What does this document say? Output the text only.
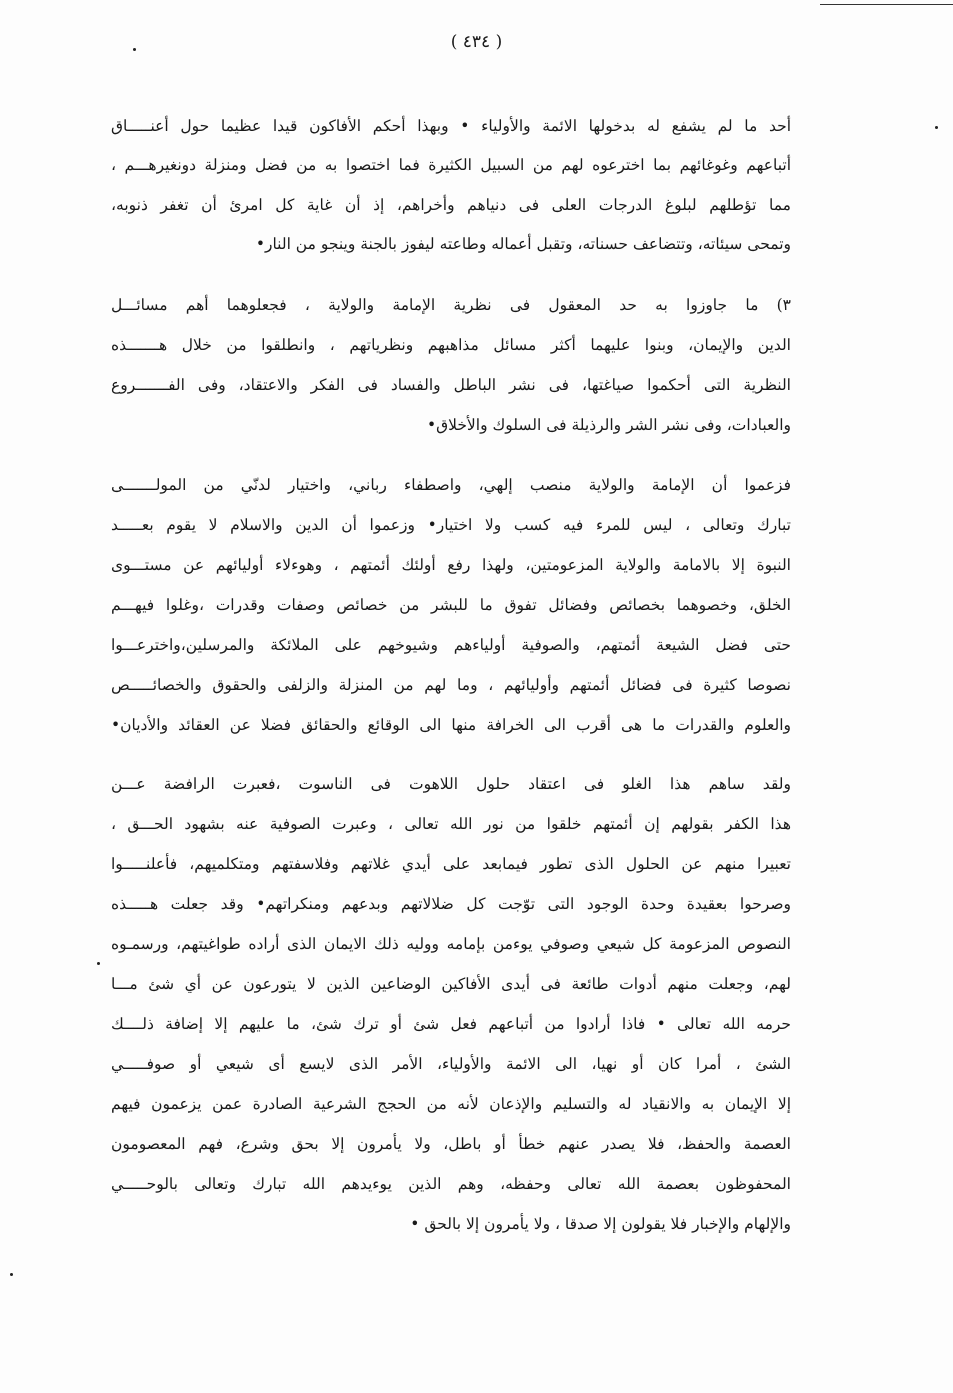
( ٤٣٤ )
أحد ما لم يشفع له بدخولها الائمة والأولياء • وبهذا أحكم الأفاكون قيدا عظيما حول أعنـــــاق
أتباعهم وغوغائهم بما اخترعوه لهم من السبيل الكثيرة فما اختصوا به من فضل ومنزلة دونغيرهـــم ،
مما تؤطلهم لبلوغ الدرجات العلى فى دنياهم وأخراهم، إذ أن غاية كل امرئ أن تغفر ذنوبه،
وتمحى سيئاته، وتتضاعف حسناته، وتقبل أعماله وطاعته ليفوز بالجنة وينجو من النار•
٣) ما جاوزوا به حد المعقول فى نظرية الإمامة والولاية ، فجعلوهما أهم مسائـــل
الدين والإيمان، وبنوا عليهما أكثر مسائل مذاهبهم ونظرياتهم ، وانطلقوا من خلال هـــــــذه
النظرية التى أحكموا صياغتها، فى نشر الباطل والفساد فى الفكر والاعتقاد، وفى الفـــــــروع
والعبادات، وفى نشر الشر والرذيلة فى السلوك والأخلاق•
فزعموا أن الإمامة والولاية منصب إلهي، واصطفاء رباني، واختيار لدنّي من المولـــــــى
تبارك وتعالى ، ليس للمرء فيه كسب ولا اختيار• وزعموا أن الدين والاسلام لا يقوم بعـــــد
النبوة إلا بالامامة والولاية المزعومتين، ولهذا رفع أولئك أئمتهم ، وهوءلاء أوليائهم عن مستـــوى
الخلق، وخصوهما بخصائص وفضائل تفوق ما للبشر من خصائص وصفات وقدرات ،وغلوا فيهـــم
حتى فضل الشيعة أئمتهم، والصوفية أولياءهم وشيوخهم على الملائكة والمرسلين،واخترعـــوا
نصوصا كثيرة فى فضائل أئمتهم وأوليائهم ، وما لهم من المنزلة والزلفى والحقوق والخصائـــــص
والعلوم والقدرات ما هى أقرب الى الخرافة منها الى الوقائع والحقائق فضلا عن العقائد والأديان•
ولقد ساهم هذا الغلو فى اعتقاد حلول اللاهوت فى الناسوت ،فعبرت الرافضة عـــن
هذا الكفر بقولهم إن أئمتهم خلقوا من نور الله تعالى ، وعبرت الصوفية عنه بشهود الحـــق ،
تعبيرا منهم عن الحلول الذى تطور فيمابعد على أيدي غلاتهم وفلاسفتهم ومتكلميهم، فأعلنـــــوا
وصرحوا بعقيدة وحدة الوجود التى توّجت كل ضلالاتهم وبدعهم ومنكراتهم• وقد جعلت هـــــذه
النصوص المزعومة كل شيعي وصوفي يوءمن بإمامه ووليه ذلك الايمان الذى أراده طواغيتهم، ورسمـوه
لهم، وجعلت منهم أدوات طائعة فى أيدى الأفاكين الوضاعين الذين لا يتورعون عن أي شئ مـــا
حرمه الله تعالى • فاذا أرادوا من أتباعهم فعل شئ أو ترك شئ، ما عليهم إلا إضافة ذلــــك
الشئ ، أمرا كان أو نهيا، الى الائمة والأولياء، الأمر الذى لايسع أى شيعي أو صوفـــــي
إلا الإيمان به والانقياد له والتسليم والإذعان لأنه من الحجج الشرعية الصادرة عمن يزعمون فيهم
العصمة والحفظ، فلا يصدر عنهم خطأ أو باطل، ولا يأمرون إلا بحق وشرع، فهم المعصومون
المحفوظون بعصمة الله تعالى وحفظه، وهم الذين يوءيدهم الله تبارك وتعالى بالوحـــــي
والإلهام والإخبار فلا يقولون إلا صدقا ، ولا يأمرون إلا بالحق •
